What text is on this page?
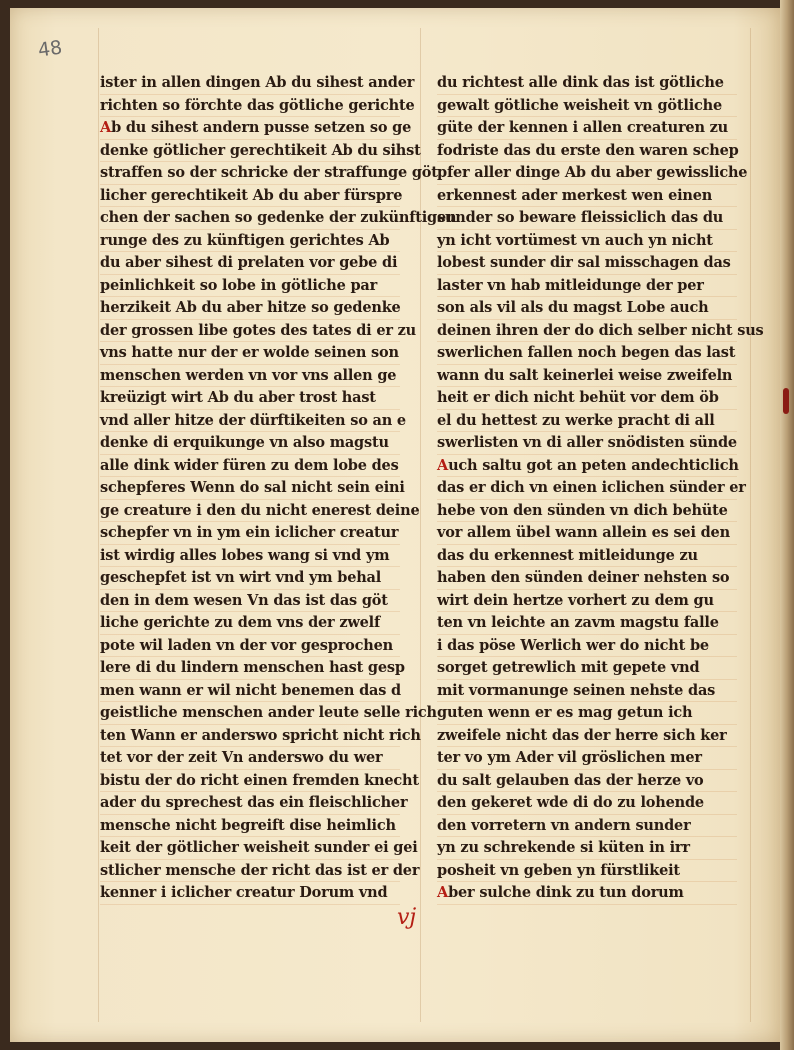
48
ister in allen dingen Ab du sihest ander
richten so förchte das götliche gerichte
Ab du sihest andern pusse setzen so ge
denke götlicher gerechtikeit Ab du sihst
straffen so der schricke der straffunge göt
licher gerechtikeit Ab du aber fürspre
chen der sachen so gedenke der zukünftigen
runge des zu künftigen gerichtes Ab
du aber sihest di prelaten vor gebe di
peinlichkeit so lobe in götliche par
herzikeit Ab du aber hitze so gedenke
der grossen libe gotes des tates di er zu
vns hatte nur der er wolde seinen son
menschen werden vn vor vns allen ge
kreüzigt wirt Ab du aber trost hast
vnd aller hitze der dürftikeiten so an e
denke di erquikunge vn also magstu
alle dink wider füren zu dem lobe des
schepferes Wenn do sal nicht sein eini
ge creature i den du nicht enerest deine
schepfer vn in ym ein iclicher creatur
ist wirdig alles lobes wang si vnd ym
geschepfet ist vn wirt vnd ym behal
den in dem wesen Vn das ist das göt
liche gerichte zu dem vns der zwelf
pote wil laden vn der vor gesprochen
lere di du lindern menschen hast gesp
men wann er wil nicht benemen das d
geistliche menschen ander leute selle rich
ten Wann er anderswo spricht nicht rich
tet vor der zeit Vn anderswo du wer
bistu der do richt einen fremden knecht
ader du sprechest das ein fleischlicher
mensche nicht begreift dise heimlich
keit der götlicher weisheit sunder ei gei
stlicher mensche der richt das ist er der
kenner i iclicher creatur Dorum vnd
du richtest alle dink das ist götliche
gewalt götliche weisheit vn götliche
güte der kennen i allen creaturen zu
fodriste das du erste den waren schep
pfer aller dinge Ab du aber gewissliche
erkennest ader merkest wen einen
sunder so beware fleissiclich das du
yn icht vortümest vn auch yn nicht
lobest sunder dir sal misschagen das
laster vn hab mitleidunge der per
son als vil als du magst Lobe auch
deinen ihren der do dich selber nicht sus
swerlichen fallen noch begen das last
wann du salt keinerlei weise zweifeln
heit er dich nicht behüt vor dem öb
el du hettest zu werke pracht di all
swerlisten vn di aller snödisten sünde
Auch saltu got an peten andechticlich
das er dich vn einen iclichen sünder er
hebe von den sünden vn dich behüte
vor allem übel wann allein es sei den
das du erkennest mitleidunge zu
haben den sünden deiner nehsten so
wirt dein hertze vorhert zu dem gu
ten vn leichte an zavm magstu falle
i das pöse Werlich wer do nicht be
sorget getrewlich mit gepete vnd
mit vormanunge seinen nehste das
guten wenn er es mag getun ich
zweifele nicht das der herre sich ker
ter vo ym Ader vil gröslichen mer
du salt gelauben das der herze vo
den gekeret wde di do zu lohende
den vorretern vn andern sunder
yn zu schrekende si küten in irr
posheit vn geben yn fürstlikeit
Aber sulche dink zu tun dorum
vj
